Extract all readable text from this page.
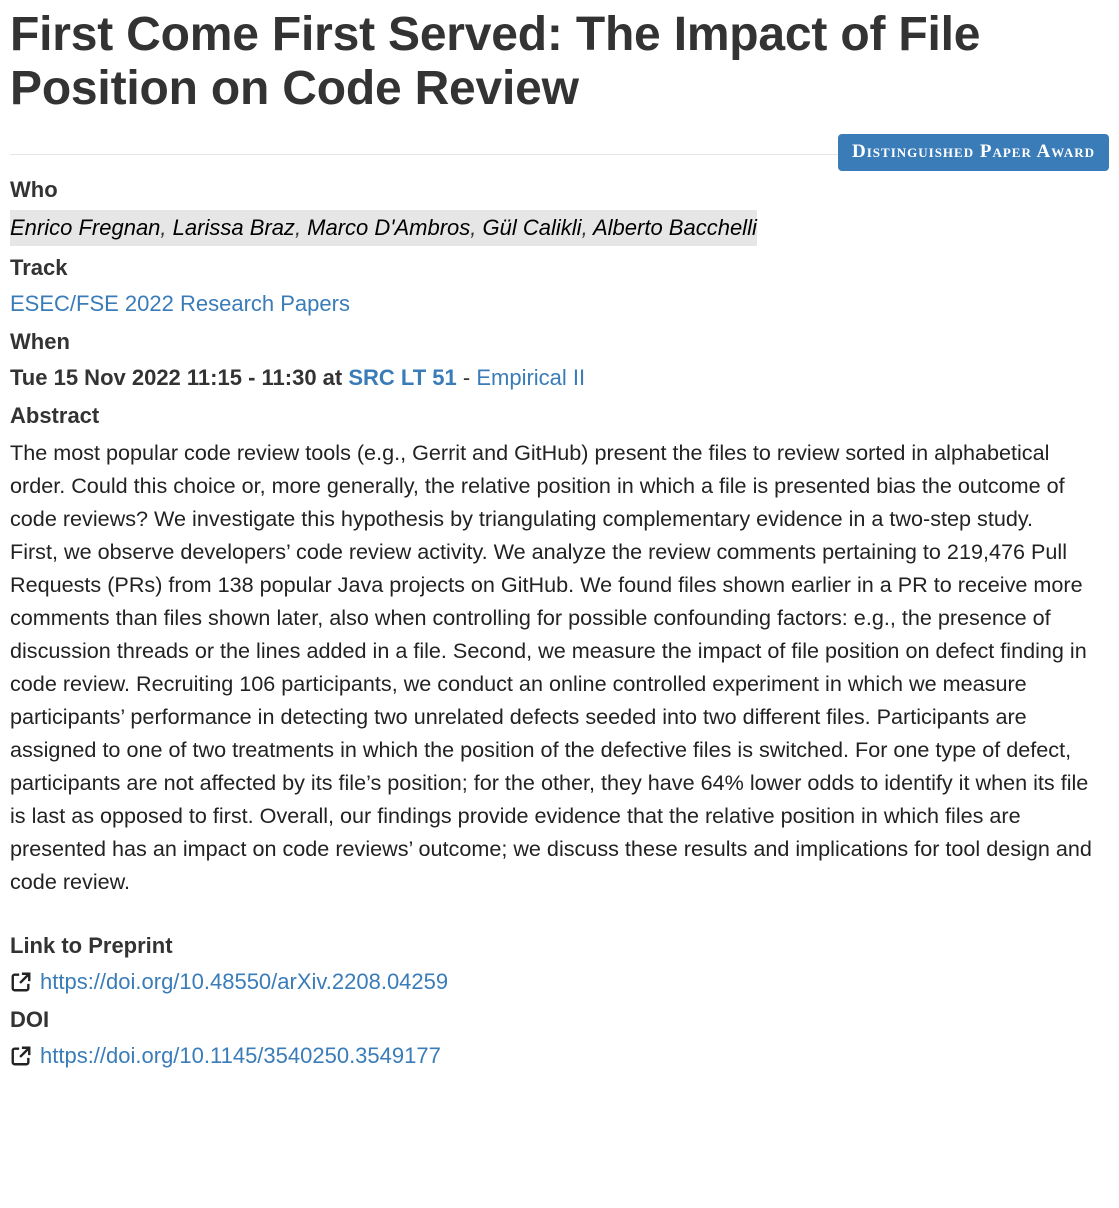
First Come First Served: The Impact of File Position on Code Review
Distinguished Paper Award
Who
Enrico Fregnan, Larissa Braz, Marco D'Ambros, Gül Calikli, Alberto Bacchelli
Track
ESEC/FSE 2022 Research Papers
When
Tue 15 Nov 2022 11:15 - 11:30 at SRC LT 51 - Empirical II
Abstract

The most popular code review tools (e.g., Gerrit and GitHub) present the files to review sorted in alphabetical order. Could this choice or, more generally, the relative position in which a file is presented bias the outcome of code reviews? We investigate this hypothesis by triangulating complementary evidence in a two-step study.

First, we observe developers’ code review activity. We analyze the review comments pertaining to 219,476 Pull Requests (PRs) from 138 popular Java projects on GitHub. We found files shown earlier in a PR to receive more comments than files shown later, also when controlling for possible confounding factors: e.g., the presence of discussion threads or the lines added in a file. Second, we measure the impact of file position on defect finding in code review. Recruiting 106 participants, we conduct an online controlled experiment in which we measure participants’ performance in detecting two unrelated defects seeded into two different files. Participants are assigned to one of two treatments in which the position of the defective files is switched. For one type of defect, participants are not affected by its file’s position; for the other, they have 64% lower odds to identify it when its file is last as opposed to first. Overall, our findings provide evidence that the relative position in which files are presented has an impact on code reviews’ outcome; we discuss these results and implications for tool design and code review.

Link to Preprint
https://doi.org/10.48550/arXiv.2208.04259
DOI
https://doi.org/10.1145/3540250.3549177
